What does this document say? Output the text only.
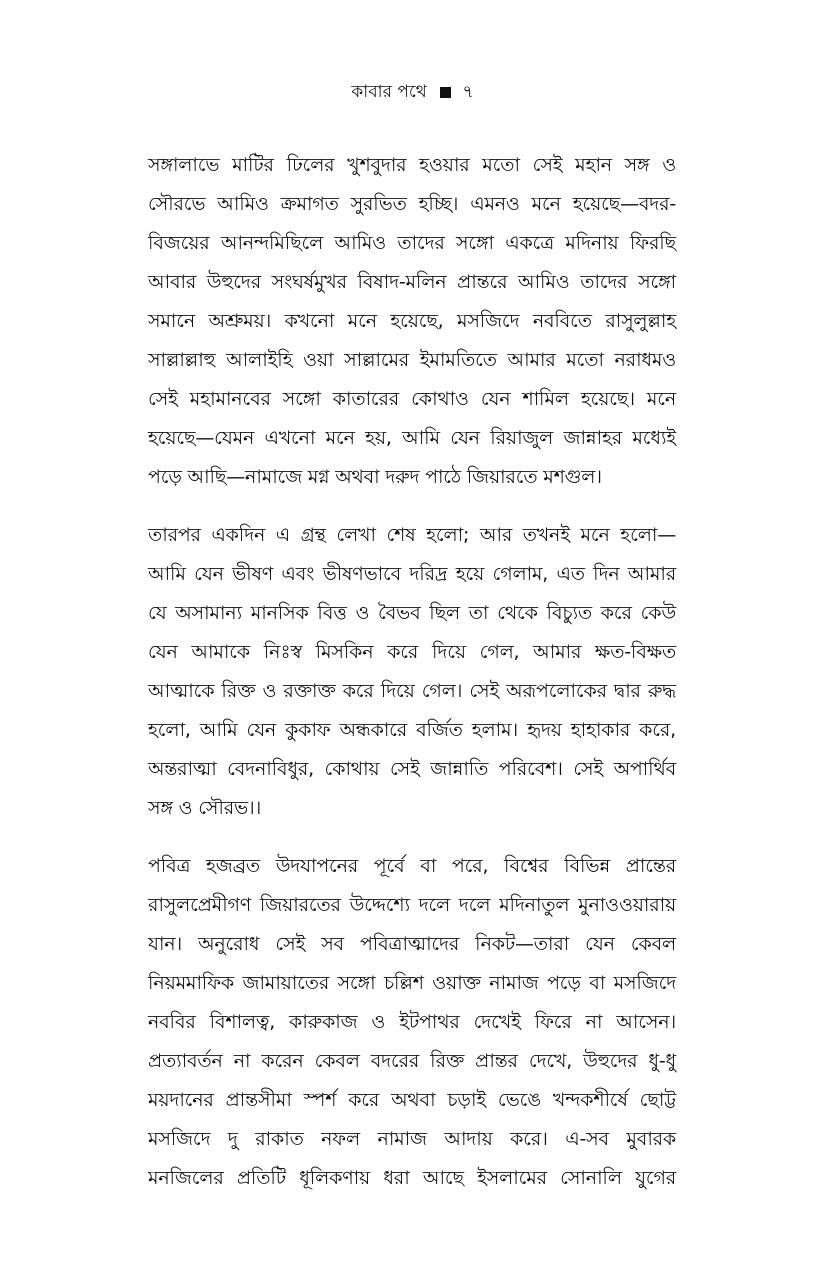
কাবার পথে ৭
সঙ্গালাভে মাটির ঢিলের খুশবুদার হওয়ার মতো সেই মহান সঙ্গ ও
সৌরভে আমিও ক্রমাগত সুরভিত হচ্ছি। এমনও মনে হয়েছে—বদর-
বিজয়ের আনন্দমিছিলে আমিও তাদের সঙ্গো একত্রে মদিনায় ফিরছি
আবার উহুদের সংঘর্ষমুখর বিষাদ-মলিন প্রান্তরে আমিও তাদের সঙ্গো
সমানে অশ্রুময়। কখনো মনে হয়েছে, মসজিদে নববিতে রাসুলুল্লাহ
সাল্লাল্লাহু আলাইহি ওয়া সাল্লামের ইমামতিতে আমার মতো নরাধমও
সেই মহামানবের সঙ্গো কাতারের কোথাও যেন শামিল হয়েছে। মনে
হয়েছে—যেমন এখনো মনে হয়, আমি যেন রিয়াজুল জান্নাহর মধ্যেই
পড়ে আছি—নামাজে মগ্ন অথবা দরুদ পাঠে জিয়ারতে মশগুল।
তারপর একদিন এ গ্রন্থ লেখা শেষ হলো; আর তখনই মনে হলো—
আমি যেন ভীষণ এবং ভীষণভাবে দরিদ্র হয়ে গেলাম, এত দিন আমার
যে অসামান্য মানসিক বিত্ত ও বৈভব ছিল তা থেকে বিচ্যুত করে কেউ
যেন আমাকে নিঃস্ব মিসকিন করে দিয়ে গেল, আমার ক্ষত-বিক্ষত
আত্মাকে রিক্ত ও রক্তাক্ত করে দিয়ে গেল। সেই অরূপলোকের দ্বার রুদ্ধ
হলো, আমি যেন কুকাফ অন্ধকারে বর্জিত হলাম। হৃদয় হাহাকার করে,
অন্তরাত্মা বেদনাবিধুর, কোথায় সেই জান্নাতি পরিবেশ। সেই অপার্থিব
সঙ্গ ও সৌরভ।।
পবিত্র হজব্রত উদযাপনের পূর্বে বা পরে, বিশ্বের বিভিন্ন প্রান্তের
রাসুলপ্রেমীগণ জিয়ারতের উদ্দেশ্যে দলে দলে মদিনাতুল মুনাওওয়ারায়
যান। অনুরোধ সেই সব পবিত্রাত্মাদের নিকট—তারা যেন কেবল
নিয়মমাফিক জামায়াতের সঙ্গো চল্লিশ ওয়াক্ত নামাজ পড়ে বা মসজিদে
নববির বিশালত্ব, কারুকাজ ও ইটপাথর দেখেই ফিরে না আসেন।
প্রত্যাবর্তন না করেন কেবল বদরের রিক্ত প্রান্তর দেখে, উহুদের ধু-ধু
ময়দানের প্রান্তসীমা স্পর্শ করে অথবা চড়াই ভেঙে খন্দকশীর্ষে ছোট্ট
মসজিদে দু রাকাত নফল নামাজ আদায় করে। এ-সব মুবারক
মনজিলের প্রতিটি ধূলিকণায় ধরা আছে ইসলামের সোনালি যুগের
